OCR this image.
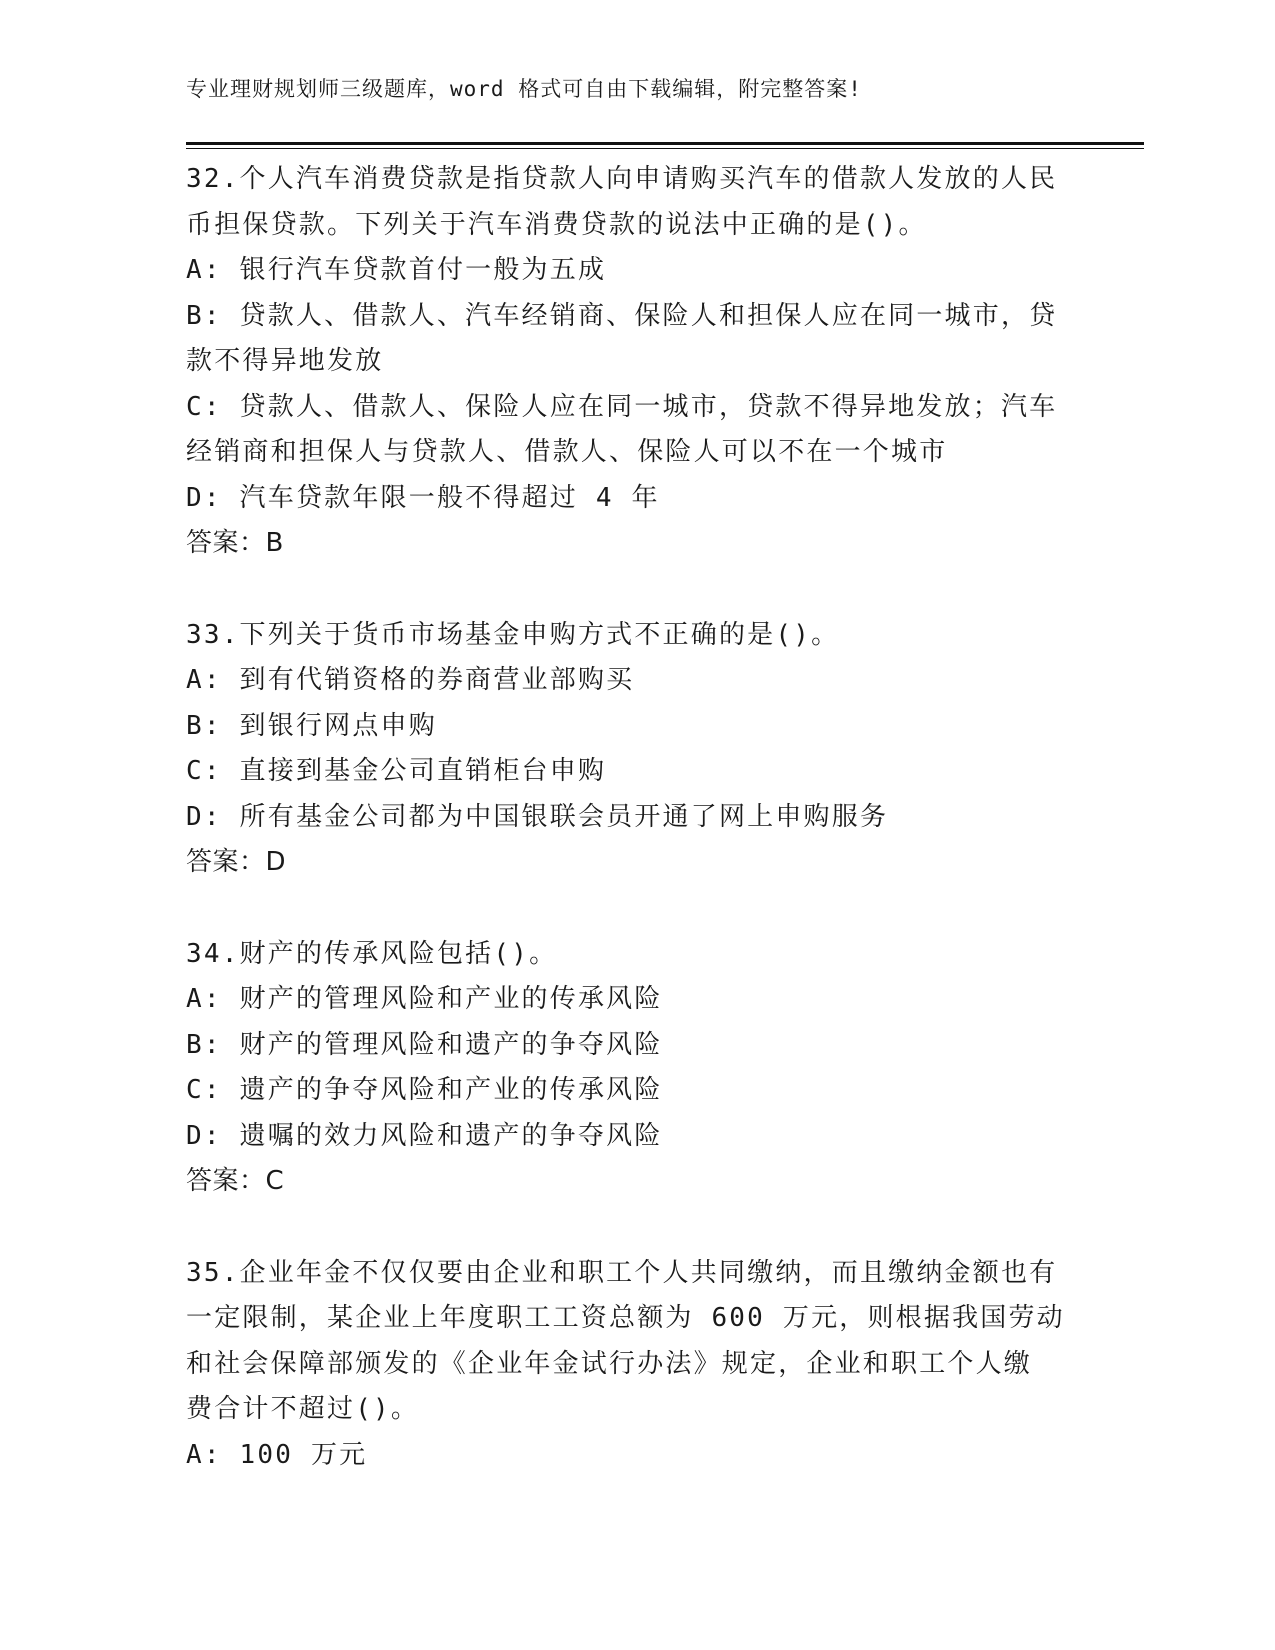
专业理财规划师三级题库，word 格式可自由下载编辑，附完整答案!
32.个人汽车消费贷款是指贷款人向申请购买汽车的借款人发放的人民
币担保贷款。下列关于汽车消费贷款的说法中正确的是()。
A: 银行汽车贷款首付一般为五成
B: 贷款人、借款人、汽车经销商、保险人和担保人应在同一城市，贷
款不得异地发放
C: 贷款人、借款人、保险人应在同一城市，贷款不得异地发放；汽车
经销商和担保人与贷款人、借款人、保险人可以不在一个城市
D: 汽车贷款年限一般不得超过 4 年
答案：B
33.下列关于货币市场基金申购方式不正确的是()。
A: 到有代销资格的券商营业部购买
B: 到银行网点申购
C: 直接到基金公司直销柜台申购
D: 所有基金公司都为中国银联会员开通了网上申购服务
答案：D
34.财产的传承风险包括()。
A: 财产的管理风险和产业的传承风险
B: 财产的管理风险和遗产的争夺风险
C: 遗产的争夺风险和产业的传承风险
D: 遗嘱的效力风险和遗产的争夺风险
答案：C
35.企业年金不仅仅要由企业和职工个人共同缴纳，而且缴纳金额也有
一定限制，某企业上年度职工工资总额为 600 万元，则根据我国劳动
和社会保障部颁发的《企业年金试行办法》规定，企业和职工个人缴
费合计不超过()。
A: 100 万元
